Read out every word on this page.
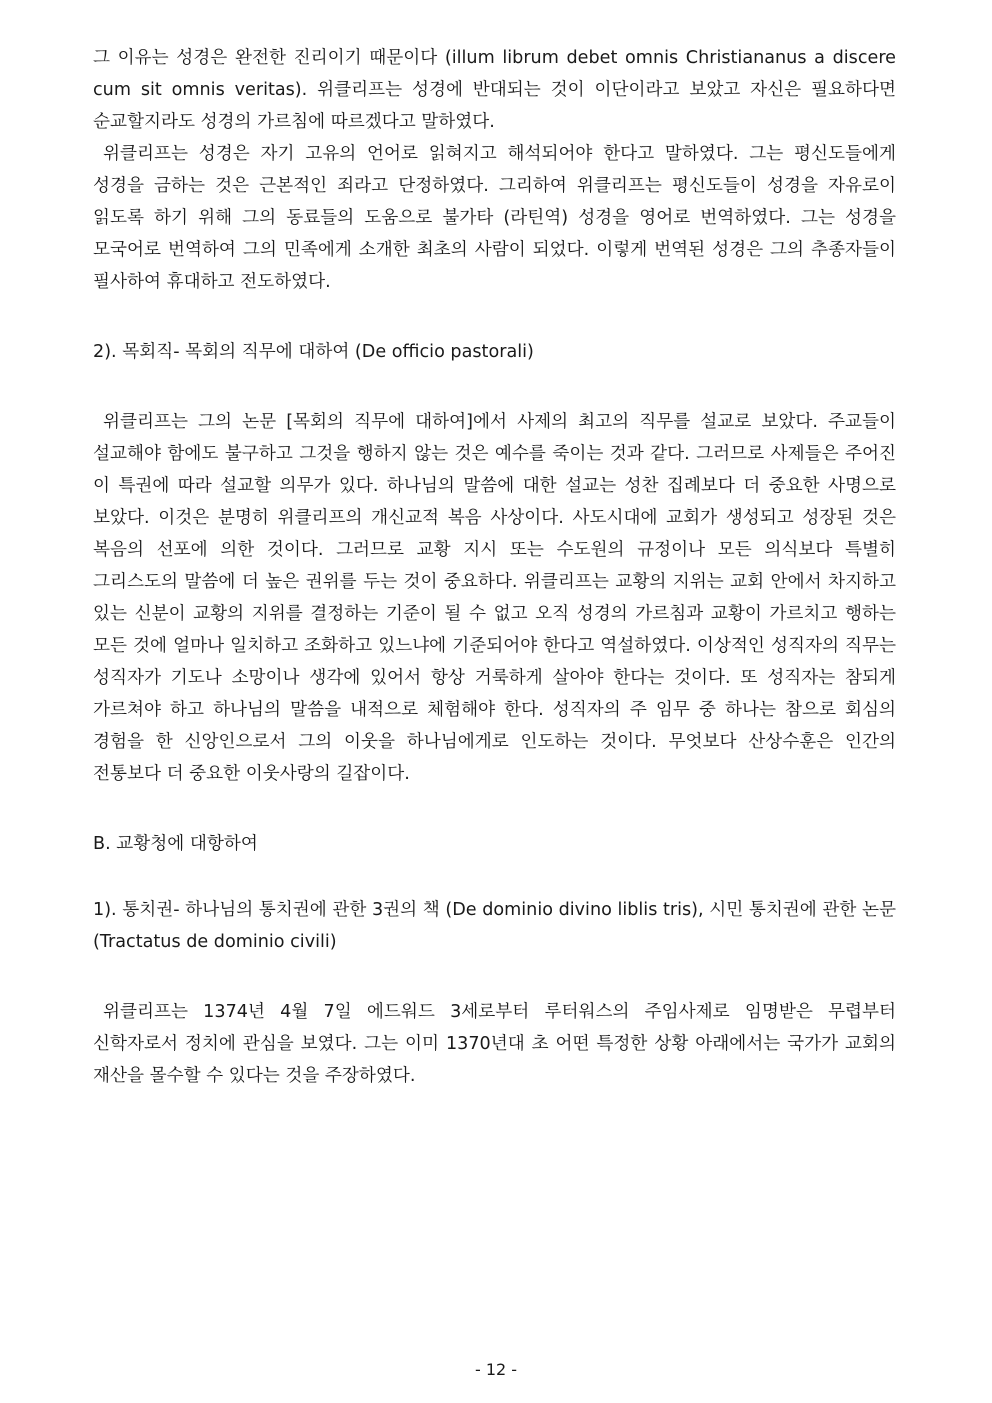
그 이유는 성경은 완전한 진리이기 때문이다 (illum librum debet omnis Christiananus a discere cum sit omnis veritas). 위클리프는 성경에 반대되는 것이 이단이라고 보았고 자신은 필요하다면 순교할지라도 성경의 가르침에 따르겠다고 말하였다.

위클리프는 성경은 자기 고유의 언어로 읽혀지고 해석되어야 한다고 말하였다. 그는 평신도들에게 성경을 금하는 것은 근본적인 죄라고 단정하였다. 그리하여 위클리프는 평신도들이 성경을 자유로이 읽도록 하기 위해 그의 동료들의 도움으로 불가타 (라틴역) 성경을 영어로 번역하였다. 그는 성경을 모국어로 번역하여 그의 민족에게 소개한 최초의 사람이 되었다. 이렇게 번역된 성경은 그의 추종자들이 필사하여 휴대하고 전도하였다.

2). 목회직- 목회의 직무에 대하여 (De officio pastorali)

위클리프는 그의 논문 [목회의 직무에 대하여]에서 사제의 최고의 직무를 설교로 보았다. 주교들이 설교해야 함에도 불구하고 그것을 행하지 않는 것은 예수를 죽이는 것과 같다. 그러므로 사제들은 주어진 이 특권에 따라 설교할 의무가 있다. 하나님의 말씀에 대한 설교는 성찬 집례보다 더 중요한 사명으로 보았다. 이것은 분명히 위클리프의 개신교적 복음 사상이다. 사도시대에 교회가 생성되고 성장된 것은 복음의 선포에 의한 것이다. 그러므로 교황 지시 또는 수도원의 규정이나 모든 의식보다 특별히 그리스도의 말씀에 더 높은 권위를 두는 것이 중요하다. 위클리프는 교황의 지위는 교회 안에서 차지하고 있는 신분이 교황의 지위를 결정하는 기준이 될 수 없고 오직 성경의 가르침과 교황이 가르치고 행하는 모든 것에 얼마나 일치하고 조화하고 있느냐에 기준되어야 한다고 역설하였다. 이상적인 성직자의 직무는 성직자가 기도나 소망이나 생각에 있어서 항상 거룩하게 살아야 한다는 것이다. 또 성직자는 참되게 가르쳐야 하고 하나님의 말씀을 내적으로 체험해야 한다. 성직자의 주 임무 중 하나는 참으로 회심의 경험을 한 신앙인으로서 그의 이웃을 하나님에게로 인도하는 것이다. 무엇보다 산상수훈은 인간의 전통보다 더 중요한 이웃사랑의 길잡이다.

B. 교황청에 대항하여

1). 통치권- 하나님의 통치권에 관한 3권의 책 (De dominio divino liblis tris), 시민 통치권에 관한 논문 (Tractatus de dominio civili)

위클리프는 1374년 4월 7일 에드워드 3세로부터 루터워스의 주임사제로 임명받은 무렵부터 신학자로서 정치에 관심을 보였다. 그는 이미 1370년대 초 어떤 특정한 상황 아래에서는 국가가 교회의 재산을 몰수할 수 있다는 것을 주장하였다.

- 12 -
